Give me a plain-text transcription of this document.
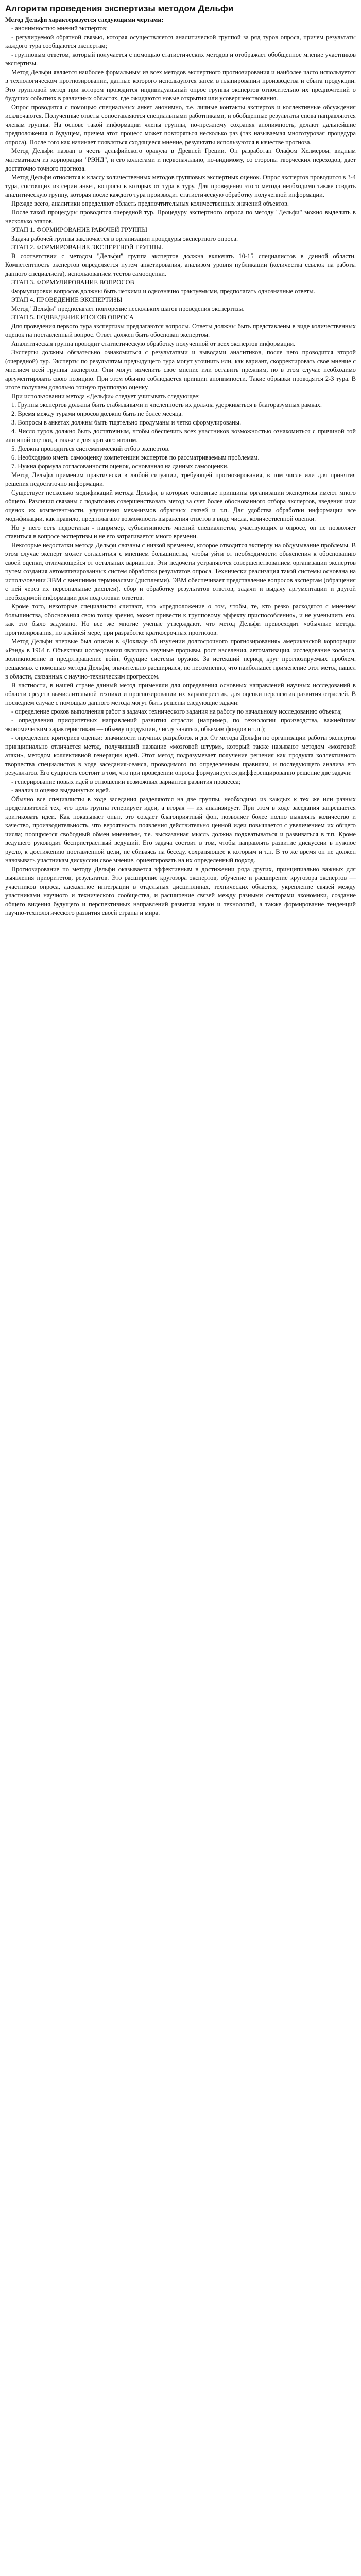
Алгоритм проведения экспертизы методом Дельфи

Метод Дельфи характеризуется следующими чертами:

- анонимностью мнений экспертов;

- регулируемой обратной связью, которая осуществляется аналитической группой за ряд туров опроса, причем результаты каждого тура сообщаются экспертам;

- групповым ответом, который получается с помощью статистических методов и отображает обобщенное мнение участников экспертизы.

Метод Дельфи является наиболее формальным из всех методов экспертного прогнозирования и наиболее часто используется в технологическом прогнозировании, данные которого используются затем в планировании производства и сбыта продукции. Это групповой метод при котором проводится индивидуальный опрос группы экспертов относительно их предпочтений о будущих событиях в различных областях, где ожидаются новые открытия или усовершенствования.

Опрос проводится с помощью специальных анкет анонимно, т.е. личные контакты экспертов и коллективные обсуждения исключаются. Полученные ответы сопоставляются специальными работниками, и обобщенные результаты снова направляются членам группы. На основе такой информации члены группы, по-прежнему сохраняя анонимность, делают дальнейшие предположения о будущем, причем этот процесс может повторяться несколько раз (так называемая многотуровая процедура опроса). После того как начинает появляться сходящееся мнение, результаты используются в качестве прогноза.

Метод Дельфи назван в честь дельфийского оракула в Древней Греции. Он разработан Олафом Хелмером, видным математиком из корпорации "РЭНД", и его коллегами и первоначально, по-видимому, со стороны творческих переходов, дает достаточно точного прогноза.

Метод Дельфи относится к классу количественных методов групповых экспертных оценок. Опрос экспертов проводится в 3-4 тура, состоящих из серии анкет, вопросы в которых от тура к туру. Для проведения этого метода необходимо также создать аналитическую группу, которая после каждого тура производит статистическую обработку полученной информации.

Прежде всего, аналитики определяют область предпочтительных количественных значений объектов.

После такой процедуры проводится очередной тур. Процедуру экспертного опроса по методу "Дельфи" можно выделить в несколько этапов.

ЭТАП 1. ФОРМИРОВАНИЕ РАБОЧЕЙ ГРУППЫ

Задача рабочей группы заключается в организации процедуры экспертного опроса.

ЭТАП 2. ФОРМИРОВАНИЕ ЭКСПЕРТНОЙ ГРУППЫ.

В соответствии с методом "Дельфи" группа экспертов должна включать 10-15 специалистов в данной области. Компетентность экспертов определяется путем анкетирования, анализом уровня публикации (количества ссылок на работы данного специалиста), использованием тестов самооценки.

ЭТАП 3. ФОРМУЛИРОВАНИЕ ВОПРОСОВ

Формулировки вопросов должны быть четкими и однозначно трактуемыми, предполагать однозначные ответы.

ЭТАП 4. ПРОВЕДЕНИЕ ЭКСПЕРТИЗЫ

Метод "Дельфи" предполагает повторение нескольких шагов проведения экспертизы.

ЭТАП 5. ПОДВЕДЕНИЕ ИТОГОВ ОПРОСА

Для проведения первого тура экспертизы предлагаются вопросы. Ответы должны быть представлены в виде количественных оценок на поставленный вопрос. Ответ должен быть обоснован экспертом.

Аналитическая группа проводит статистическую обработку полученной от всех экспертов информации.

Эксперты должны обязательно ознакомиться с результатами и выводами аналитиков, после чего проводится второй (очередной) тур. Эксперты по результатам предыдущего тура могут уточнить или, как вариант, скорректировать свое мнение с мнением всей группы экспертов. Они могут изменить свое мнение или оставить прежним, но в этом случае необходимо аргументировать свою позицию. При этом обычно соблюдается принцип анонимности. Такие обрывки проводятся 2-3 тура. В итоге получаем довольно точную групповую оценку.

При использовании метода «Дельфи» следует учитывать следующее:

1. Группы экспертов должны быть стабильными и численность их должна удерживаться в благоразумных рамках.

2. Время между турами опросов должно быть не более месяца.

3. Вопросы в анкетах должны быть тщательно продуманы и четко сформулированы.

4. Число туров должно быть достаточным, чтобы обеспечить всех участников возможностью ознакомиться с причиной той или иной оценки, а также и для краткого итогом.

5. Должна проводиться систематический отбор экспертов.

6. Необходимо иметь самооценку компетенции экспертов по рассматриваемым проблемам.

7. Нужна формула согласованности оценок, основанная на данных самооценки.

Метод Дельфи применим практически в любой ситуации, требующей прогнозирования, в том числе или для принятия решения недостаточно информации.

Существует несколько модификаций метода Дельфи, в которых основные принципы организации экспертизы имеют много общего. Различия связаны с подытожив совершенствовать метод за счет более обоснованного отбора экспертов, введения ими оценок их компетентности, улучшения механизмов обратных связей и т.п. Для удобства обработки информации все модификации, как правило, предполагают возможность выражения ответов в виде числа, количественной оценки.

Но у него есть недостатки - например, субъективность мнений специалистов, участвующих в опросе, он не позволяет ставиться в вопросе экспертизы и не его затрагивается много времени.

Некоторые недостатки метода Дельфи связаны с низкой временем, которое отводится эксперту на обдумывание проблемы. В этом случае эксперт может согласиться с мнением большинства, чтобы уйти от необходимости объяснения к обоснованию своей оценки, отличающейся от остальных вариантов. Эти недочеты устраняются совершенствованием организации экспертов путем создания автоматизированных систем обработки результатов опроса. Технически реализация такой системы основана на использовании ЭВМ с внешними терминалами (дисплеями). ЭВМ обеспечивает представление вопросов экспертам (обращения с ней через их персональные дисплеи), сбор и обработку результатов ответов, задачи и выдачу аргументации и другой необходимой информации для подготовки ответов.

Кроме того, некоторые специалисты считают, что «предположение о том, чтобы, те, кто резко расходятся с мнением большинства, обоснования свою точку зрения, может привести к групповому эффекту приспособления», и не уменьшить его, как это было задумано. Но все же многие ученые утверждают, что метод Дельфи превосходит «обычные методы прогнозирования, по крайней мере, при разработке краткосрочных прогнозов.

Метод Дельфи впервые был описан в «Докладе об изучении долгосрочного прогнозирования» американской корпорации «Рэнд» в 1964 г. Объектами исследования являлись научные прорывы, рост населения, автоматизация, исследование космоса, возникновение и предотвращение войн, будущие системы оружия. За истекший период круг прогнозируемых проблем, решаемых с помощью метода Дельфи, значительно расширился, но несомненно, что наибольшее применение этот метод нашел в области, связанных с научно-техническим прогрессом.

В частности, в нашей стране данный метод применяли для определения основных направлений научных исследований в области средств вычислительной техники и прогнозировании их характеристик, для оценки перспектив развития отраслей. В последнем случае с помощью данного метода могут быть решены следующие задачи:

- определение сроков выполнения работ в задачах технического задания на работу по начальному исследованию объекта;

- определения приоритетных направлений развития отрасли (например, по технологии производства, важнейшим экономическим характеристикам — объему продукции, числу занятых, объемам фондов и т.п.);

- определение критериев оценки: значимости научных разработок и др. От метода Дельфи по организации работы экспертов принципиально отличается метод, получивший название «мозговой штурм», который также называют методом «мозговой атаки», методом коллективной генерации идей. Этот метод подразумевает получение решения как продукта коллективного творчества специалистов в ходе заседания-сеанса, проводимого по определенным правилам, и последующего анализа его результатов. Его сущность состоит в том, что при проведении опроса формулируется дифференцированно решение две задачи:

- генерирование новых идей в отношении возможных вариантов развития процесса;

- анализ и оценка выдвинутых идей.

Обычно все специалисты в ходе заседания разделяются на две группы, необходимо из каждых к тех же или разных представителей тех, что цель группа генерирует идеи, а вторая — их анализирует. При этом в ходе заседания запрещается критиковать идеи. Как показывает опыт, это создает благоприятный фон, позволяет более полно выявлять количество и качество, производительность, что вероятность появления действительно ценной идеи повышается с увеличением их общего числа; поощряется свободный обмен мнениями, т.е. высказанная мысль должна подхватываться и развиваться в т.п. Кроме ведущего руководит беспристрастный ведущий. Его задача состоит в том, чтобы направлять развитие дискуссии в нужное русло, к достижению поставленной цели, не сбиваясь на беседу, сохраняющее к которым и т.п. В то же время он не должен навязывать участникам дискуссии свое мнение, ориентировать на их определенный подход.

Прогнозирование по методу Дельфи оказывается эффективным в достижении ряда других, принципиально важных для выявления приоритетов, результатов. Это расширение кругозора экспертов, обучение и расширение кругозора экспертов — участников опроса, адекватное интеграции в отдельных дисциплинах, технических областях, укрепление связей между участниками научного и технического сообщества, и расширение связей между разными секторами экономики, создание общего видения будущего и перспективных направлений развития науки и технологий, а также формирование тенденций научно-технологического развития своей страны и мира.
